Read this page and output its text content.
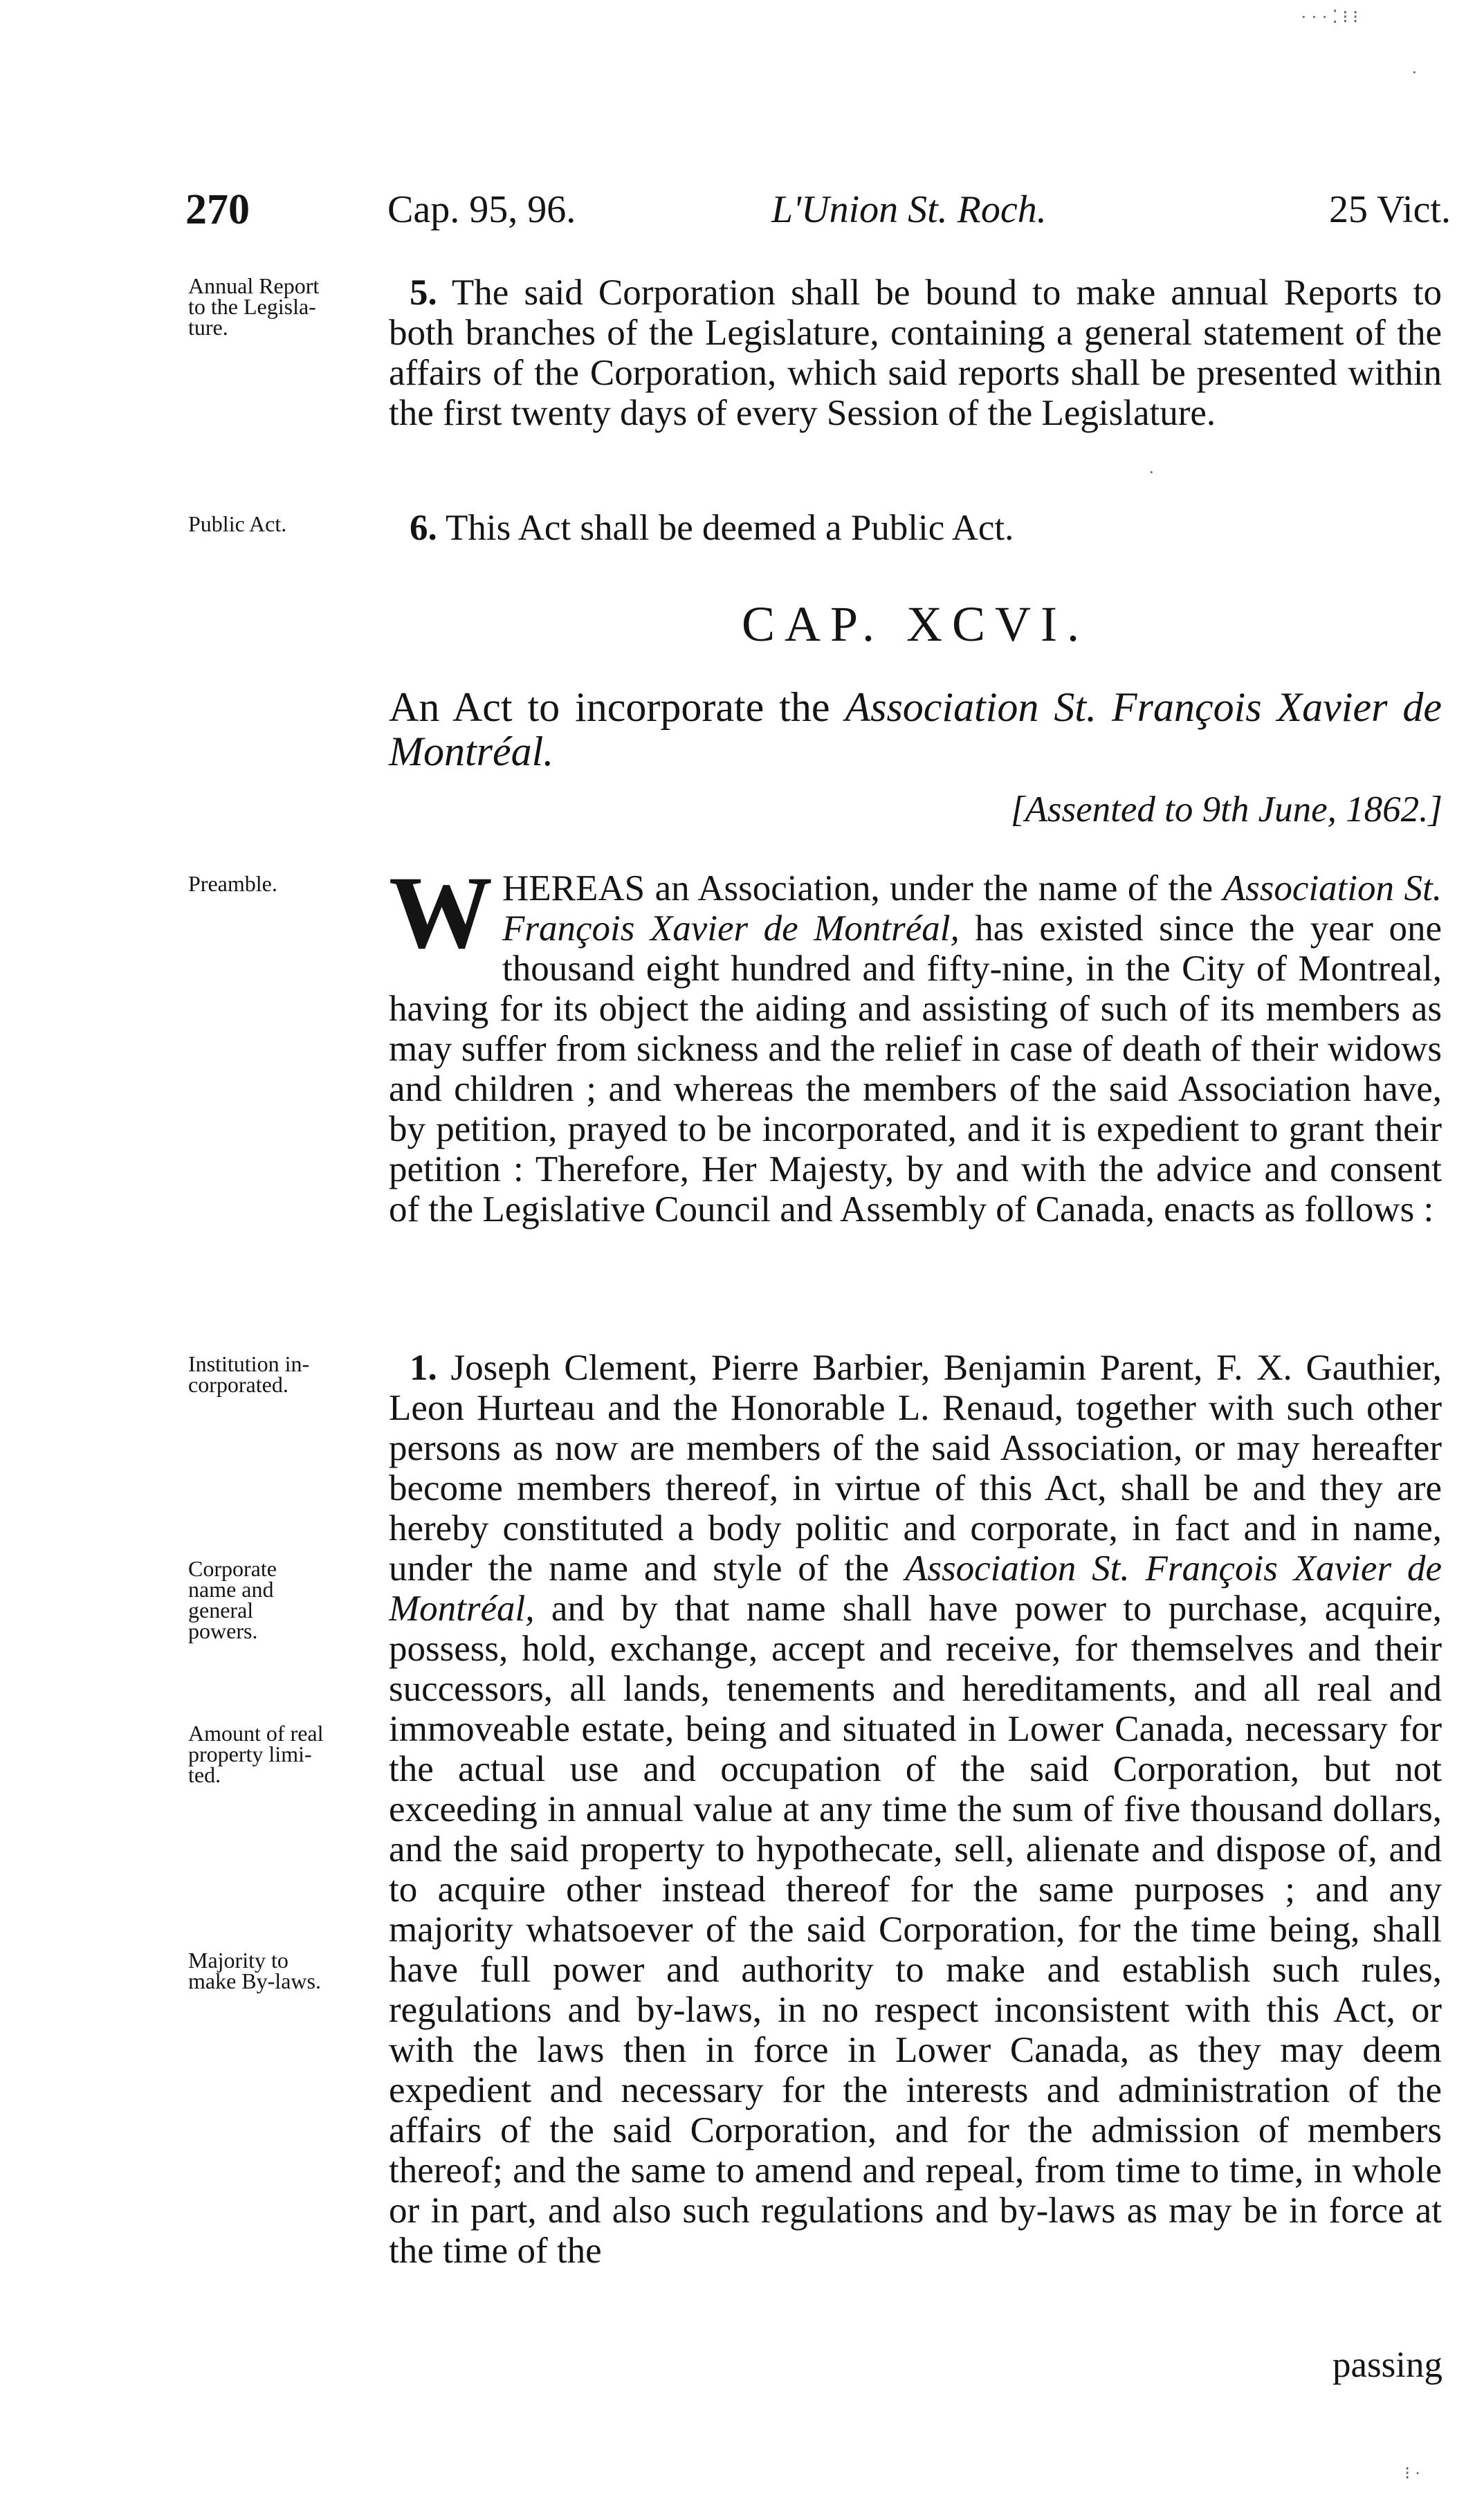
270	Cap. 95, 96.	L'Union St. Roch.	25 Vict.
Annual Report
to the Legisla-
ture.
Public Act.
Preamble.
Institution in-
corporated.
Corporate
name and
general
powers.
Amount of real
property limi-
ted.
Majority to
make By-laws.
5. The said Corporation shall be bound to make annual Reports to both branches of the Legislature, containing a general statement of the affairs of the Corporation, which said reports shall be presented within the first twenty days of every Session of the Legislature.
6. This Act shall be deemed a Public Act.
CAP. XCVI.
An Act to incorporate the Association St. François Xavier de Montréal.
[Assented to 9th June, 1862.]
W HEREAS an Association, under the name of the Association St. François Xavier de Montréal, has existed since the year one thousand eight hundred and fifty-nine, in the City of Montreal, having for its object the aiding and assisting of such of its members as may suffer from sickness and the relief in case of death of their widows and children ; and whereas the members of the said Association have, by petition, prayed to be incorporated, and it is expedient to grant their petition : Therefore, Her Majesty, by and with the advice and consent of the Legislative Council and Assembly of Canada, enacts as follows :
1. Joseph Clement, Pierre Barbier, Benjamin Parent, F. X. Gauthier, Leon Hurteau and the Honorable L. Renaud, together with such other persons as now are members of the said Association, or may hereafter become members thereof, in virtue of this Act, shall be and they are hereby constituted a body politic and corporate, in fact and in name, under the name and style of the Association St. François Xavier de Montréal, and by that name shall have power to purchase, acquire, possess, hold, exchange, accept and receive, for themselves and their successors, all lands, tenements and hereditaments, and all real and immoveable estate, being and situated in Lower Canada, necessary for the actual use and occupation of the said Corporation, but not exceeding in annual value at any time the sum of five thousand dollars, and the said property to hypothecate, sell, alienate and dispose of, and to acquire other instead thereof for the same purposes ; and any majority whatsoever of the said Corporation, for the time being, shall have full power and authority to make and establish such rules, regulations and by-laws, in no respect inconsistent with this Act, or with the laws then in force in Lower Canada, as they may deem expedient and necessary for the interests and administration of the affairs of the said Corporation, and for the admission of members thereof; and the same to amend and repeal, from time to time, in whole or in part, and also such regulations and by-laws as may be in force at the time of the
passing
· · · ⁚ ⁝ ⁝
·
·
⁝ ·
